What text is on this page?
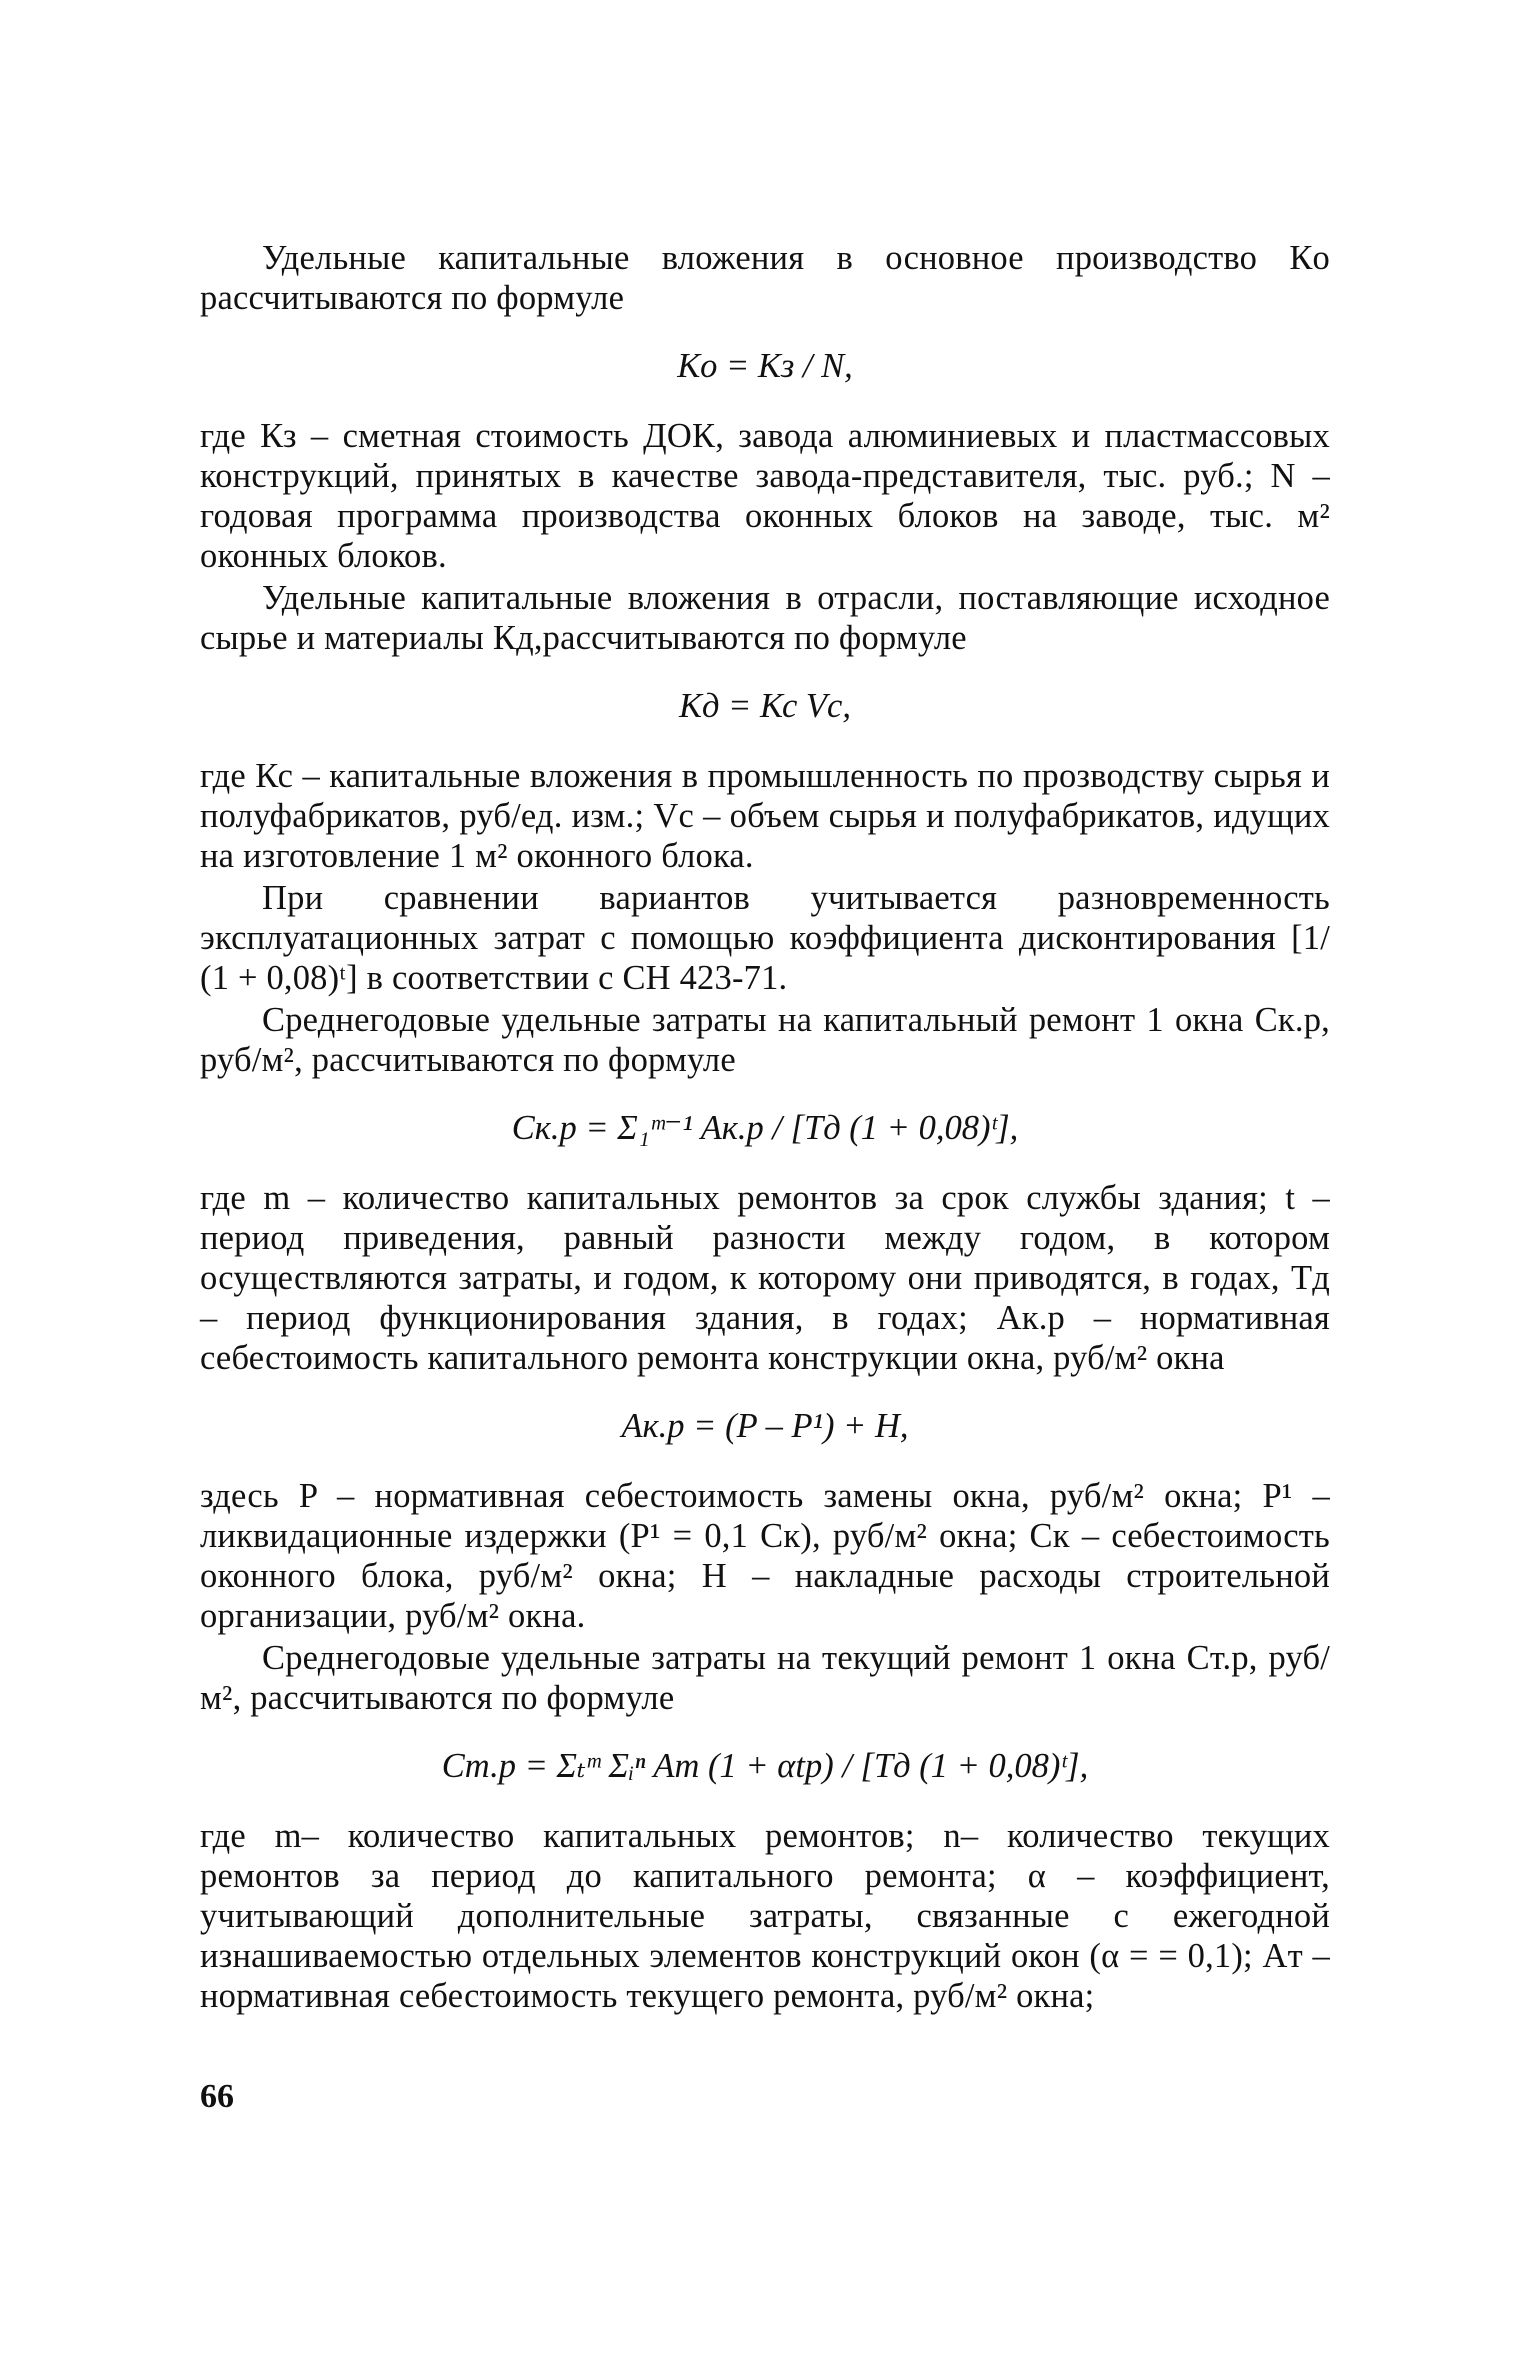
Удельные капитальные вложения в основное производство Кo рассчитываются по формуле

Кo = Кз / N,

где Кз – сметная стоимость ДОК, завода алюминиевых и пластмассовых конструкций, принятых в качестве завода-представителя, тыс. руб.; N – годовая программа производства оконных блоков на заводе, тыс. м² оконных блоков.

Удельные капитальные вложения в отрасли, поставляющие исходное сырье и материалы Кд,рассчитываются по формуле

Кд = Кс Vс,

где Кс – капитальные вложения в промышленность по прозводству сырья и полуфабрикатов, руб/ед. изм.; Vс – объем сырья и полуфабрикатов, идущих на изготовление 1 м² оконного блока.

При сравнении вариантов учитывается разновременность эксплуатационных затрат с помощью коэффициента дисконтирования [1/ (1 + 0,08)ᵗ] в соответствии с СН 423-71.

Среднегодовые удельные затраты на капитальный ремонт 1 окна Ск.р, руб/м², рассчитываются по формуле

Cк.р = Σ₁ᵐ⁻¹ Aк.р / [Tд (1 + 0,08)ᵗ],

где m – количество капитальных ремонтов за срок службы здания; t – период приведения, равный разности между годом, в котором осуществляются затраты, и годом, к которому они приводятся, в годах, Tд – период функционирования здания, в годах; Aк.р – нормативная себестоимость капитального ремонта конструкции окна, руб/м² окна

Aк.р = (P – P¹) + H,

здесь P – нормативная себестоимость замены окна, руб/м² окна; P¹ – ликвидационные издержки (P¹ = 0,1 Cк), руб/м² окна; Cк – себестоимость оконного блока, руб/м² окна; H – накладные расходы строительной организации, руб/м² окна.

Среднегодовые удельные затраты на текущий ремонт 1 окна Cт.р, руб/м², рассчитываются по формуле

Cт.р = Σₜᵐ Σᵢⁿ Aт (1 + αtр) / [Tд (1 + 0,08)ᵗ],

где m– количество капитальных ремонтов; n– количество текущих ремонтов за период до капитального ремонта; α – коэффициент, учитывающий дополнительные затраты, связанные с ежегодной изнашиваемостью отдельных элементов конструкций окон (α = = 0,1); Aт – нормативная себестоимость текущего ремонта, руб/м² окна;

66
